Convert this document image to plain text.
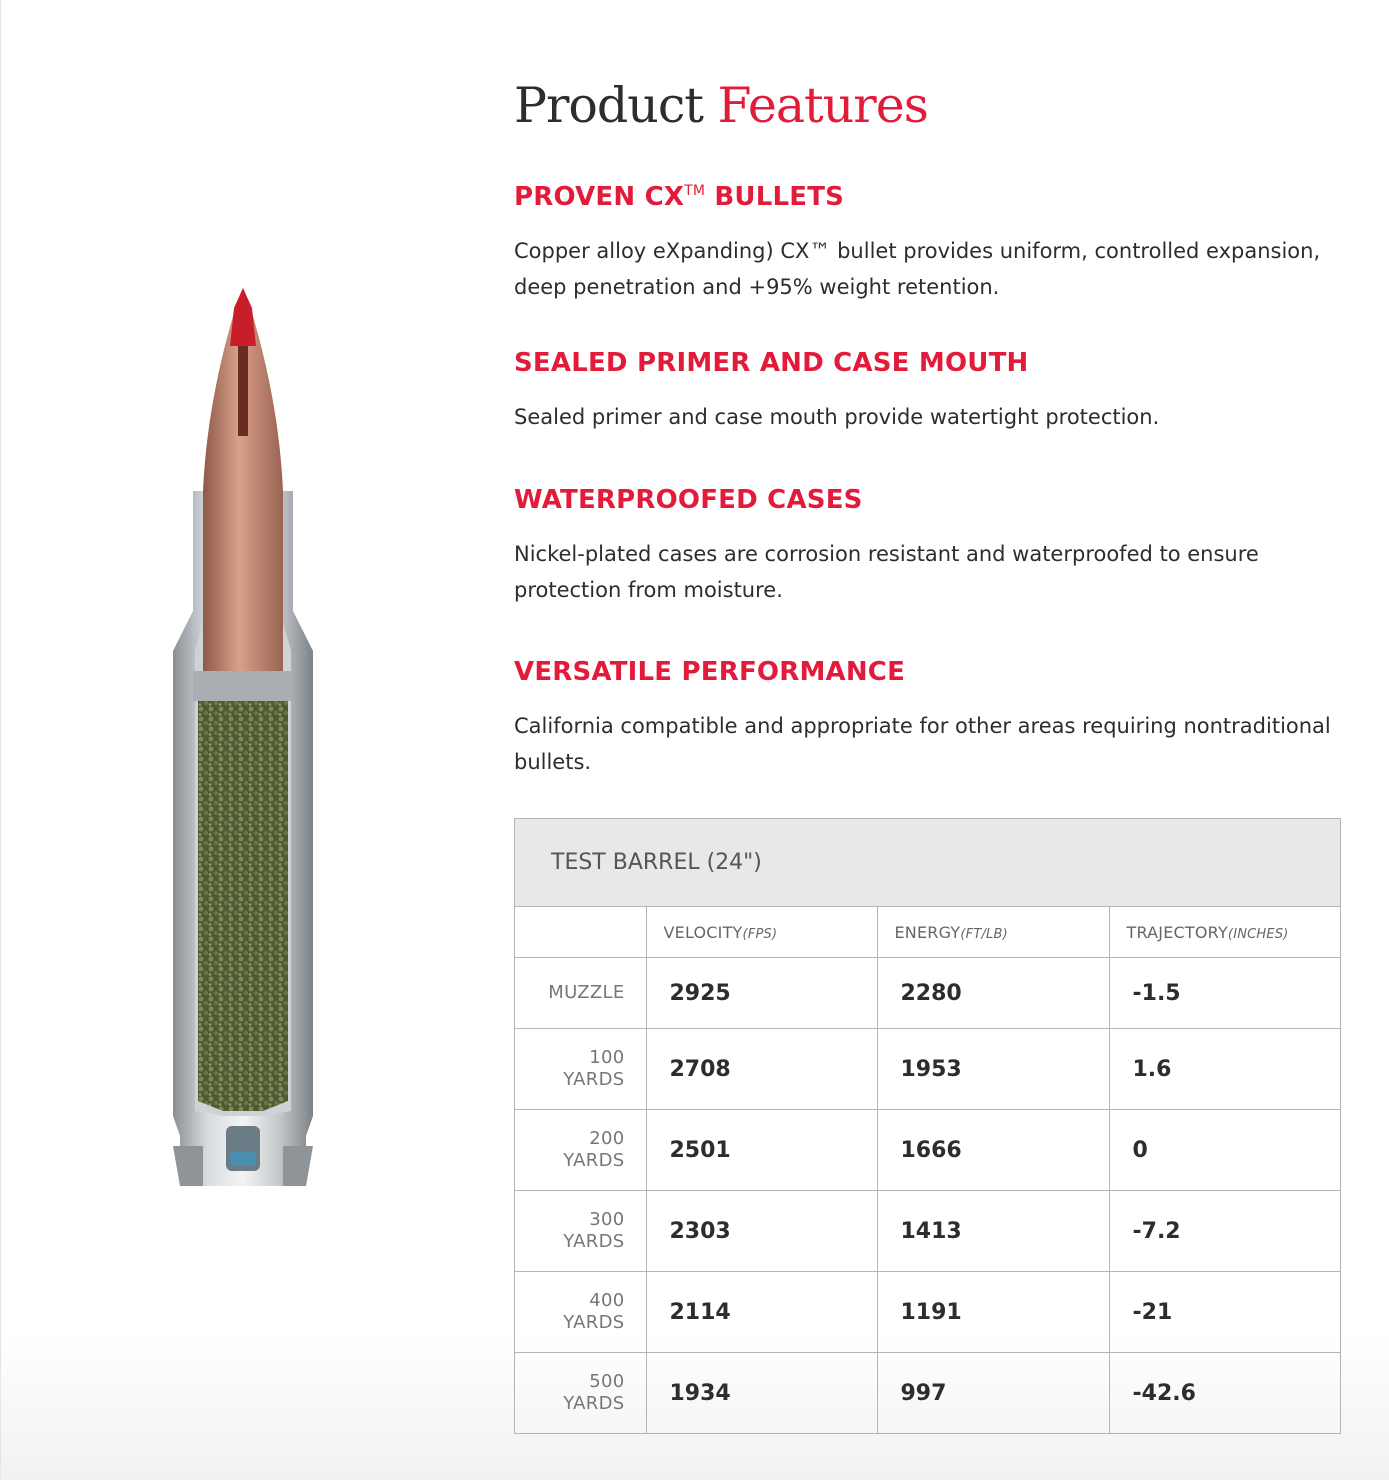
Product Features
PROVEN CX™ BULLETS

Copper alloy eXpanding) CX™ bullet provides uniform, controlled expansion, deep penetration and +95% weight retention.

SEALED PRIMER AND CASE MOUTH

Sealed primer and case mouth provide watertight protection.

WATERPROOFED CASES

Nickel-plated cases are corrosion resistant and waterproofed to ensure protection from moisture.

VERSATILE PERFORMANCE

California compatible and appropriate for other areas requiring nontraditional bullets.

TEST BARREL (24")
	VELOCITY(FPS)	ENERGY(FT/LB)	TRAJECTORY(INCHES)
MUZZLE	2925	2280	-1.5
100
YARDS	2708	1953	1.6
200
YARDS	2501	1666	0
300
YARDS	2303	1413	-7.2
400
YARDS	2114	1191	-21
500
YARDS	1934	997	-42.6
